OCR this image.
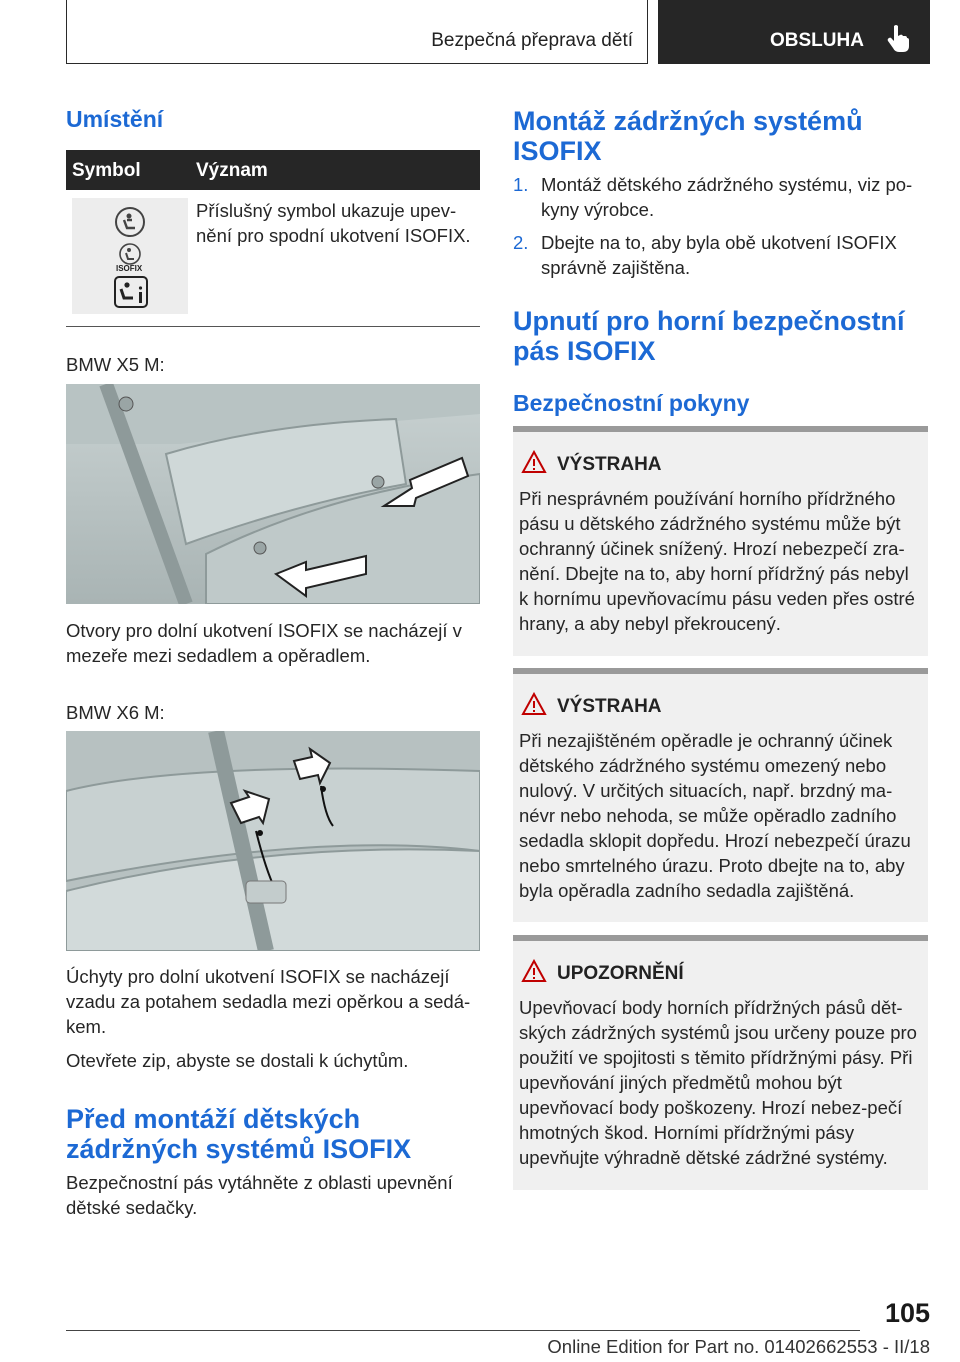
Bezpečná přeprava dětí	OBSLUHA
Umístění
Symbol	Význam
ISOFIX
Příslušný symbol ukazuje upev-
nění pro spodní ukotvení ISOFIX.
BMW X5 M:
Otvory pro dolní ukotvení ISOFIX se nacházejí v mezeře mezi sedadlem a opěradlem.
BMW X6 M:
Úchyty pro dolní ukotvení ISOFIX se nacházejí vzadu za potahem sedadla mezi opěrkou a sedá-kem.
Otevřete zip, abyste se dostali k úchytům.
Před montáží dětských zádržných systémů ISOFIX
Bezpečnostní pás vytáhněte z oblasti upevnění dětské sedačky.
Montáž zádržných systémů ISOFIX
1. Montáž dětského zádržného systému, viz po-kyny výrobce.
2. Dbejte na to, aby byla obě ukotvení ISOFIX správně zajištěna.
Upnutí pro horní bezpečnostní pás ISOFIX
Bezpečnostní pokyny
VÝSTRAHA
Při nesprávném používání horního přídržného pásu u dětského zádržného systému může být ochranný účinek snížený. Hrozí nebezpečí zra-nění. Dbejte na to, aby horní přídržný pás nebyl k hornímu upevňovacímu pásu veden přes ostré hrany, a aby nebyl překroucený.
VÝSTRAHA
Při nezajištěném opěradle je ochranný účinek dětského zádržného systému omezený nebo nulový. V určitých situacích, např. brzdný ma-névr nebo nehoda, se může opěradlo zadního sedadla sklopit dopředu. Hrozí nebezpečí úrazu nebo smrtelného úrazu. Proto dbejte na to, aby byla opěradla zadního sedadla zajištěná.
UPOZORNĚNÍ
Upevňovací body horních přídržných pásů dět-ských zádržných systémů jsou určeny pouze pro použití ve spojitosti s těmito přídržnými pásy. Při upevňování jiných předmětů mohou být upevňovací body poškozeny. Hrozí nebez-pečí hmotných škod. Horními přídržnými pásy upevňujte výhradně dětské zádržné systémy.
105
Online Edition for Part no. 01402662553 - II/18
